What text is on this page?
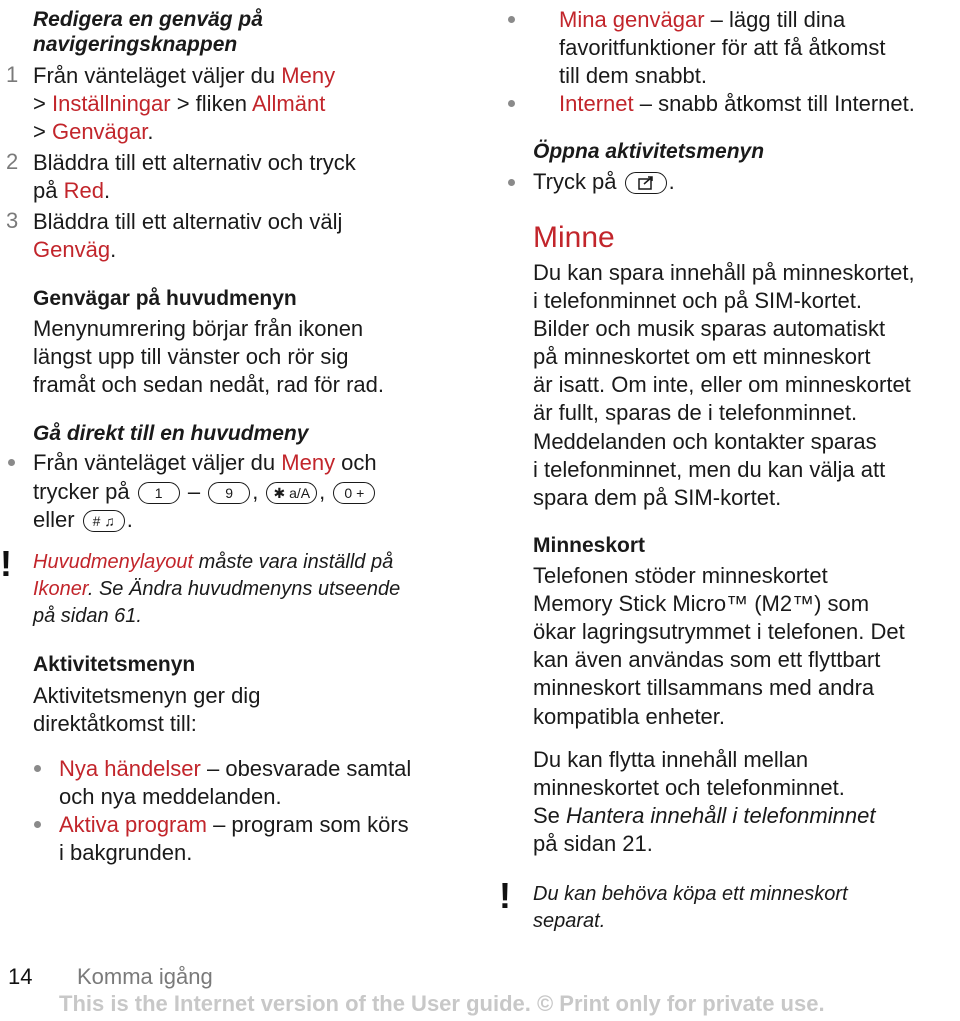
Redigera en genväg på
navigeringsknappen
1 Från vänteläget väljer du Meny
> Inställningar > fliken Allmänt
> Genvägar.
2 Bläddra till ett alternativ och tryck
på Red.
3 Bläddra till ett alternativ och välj
Genväg.
Genvägar på huvudmenyn
Menynumrering börjar från ikonen
längst upp till vänster och rör sig
framåt och sedan nedåt, rad för rad.
Gå direkt till en huvudmeny
Från vänteläget väljer du Meny och
trycker på 1 – 9 , ✱ a/A , 0 +
eller # ♫ .
! Huvudmenylayout måste vara inställd på
Ikoner. Se Ändra huvudmenyns utseende
på sidan 61.
Aktivitetsmenyn
Aktivitetsmenyn ger dig
direktåtkomst till:
Nya händelser – obesvarade samtal
och nya meddelanden.
Aktiva program – program som körs
i bakgrunden.
Mina genvägar – lägg till dina
favoritfunktioner för att få åtkomst
till dem snabbt.
Internet – snabb åtkomst till Internet.
Öppna aktivitetsmenyn
Tryck på .
Minne
Du kan spara innehåll på minneskortet,
i telefonminnet och på SIM-kortet.
Bilder och musik sparas automatiskt
på minneskortet om ett minneskort
är isatt. Om inte, eller om minneskortet
är fullt, sparas de i telefonminnet.
Meddelanden och kontakter sparas
i telefonminnet, men du kan välja att
spara dem på SIM-kortet.
Minneskort
Telefonen stöder minneskortet
Memory Stick Micro™ (M2™) som
ökar lagringsutrymmet i telefonen. Det
kan även användas som ett flyttbart
minneskort tillsammans med andra
kompatibla enheter.
Du kan flytta innehåll mellan
minneskortet och telefonminnet.
Se Hantera innehåll i telefonminnet
på sidan 21.
! Du kan behöva köpa ett minneskort
separat.
14 Komma igång
This is the Internet version of the User guide. © Print only for private use.
